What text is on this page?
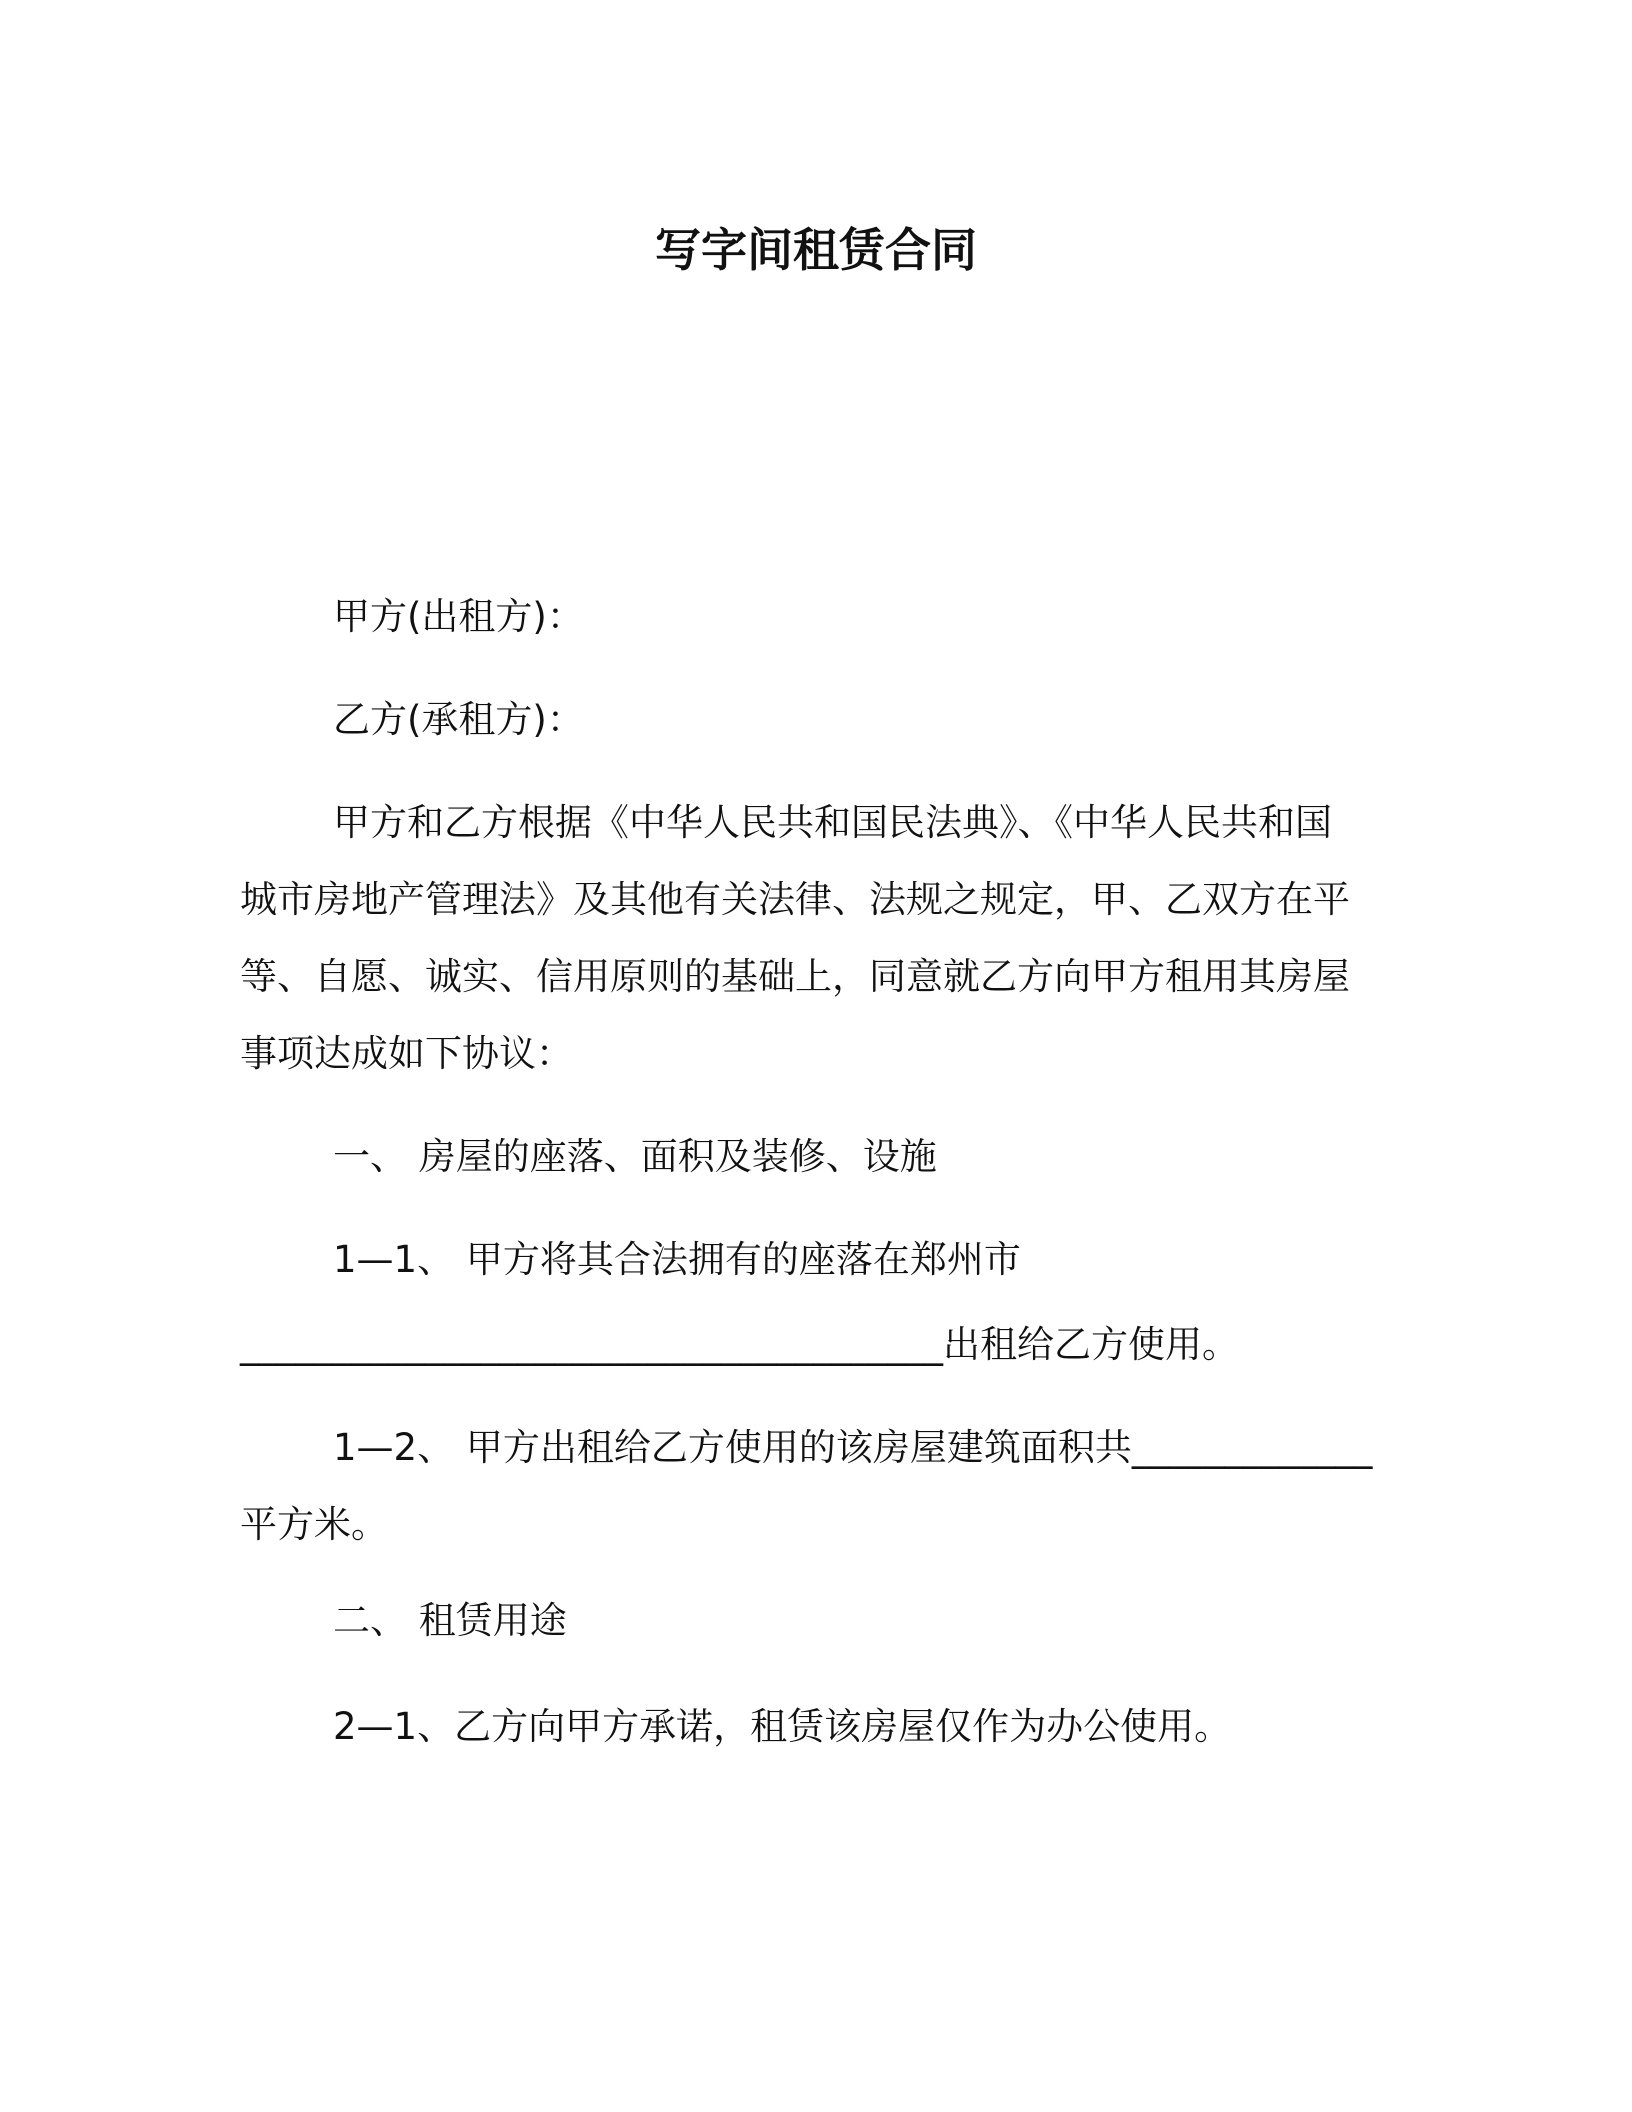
写字间租赁合同
甲方(出租方)：
乙方(承租方)：
甲方和乙方根据《中华人民共和国民法典》、《中华人民共和国
城市房地产管理法》及其他有关法律、法规之规定，甲、乙双方在平
等、自愿、诚实、信用原则的基础上，同意就乙方向甲方租用其房屋
事项达成如下协议：
一、 房屋的座落、面积及装修、设施
1—1、 甲方将其合法拥有的座落在郑州市
______________________________________出租给乙方使用。
1—2、 甲方出租给乙方使用的该房屋建筑面积共_____________
平方米。
二、 租赁用途
2—1、乙方向甲方承诺，租赁该房屋仅作为办公使用。
